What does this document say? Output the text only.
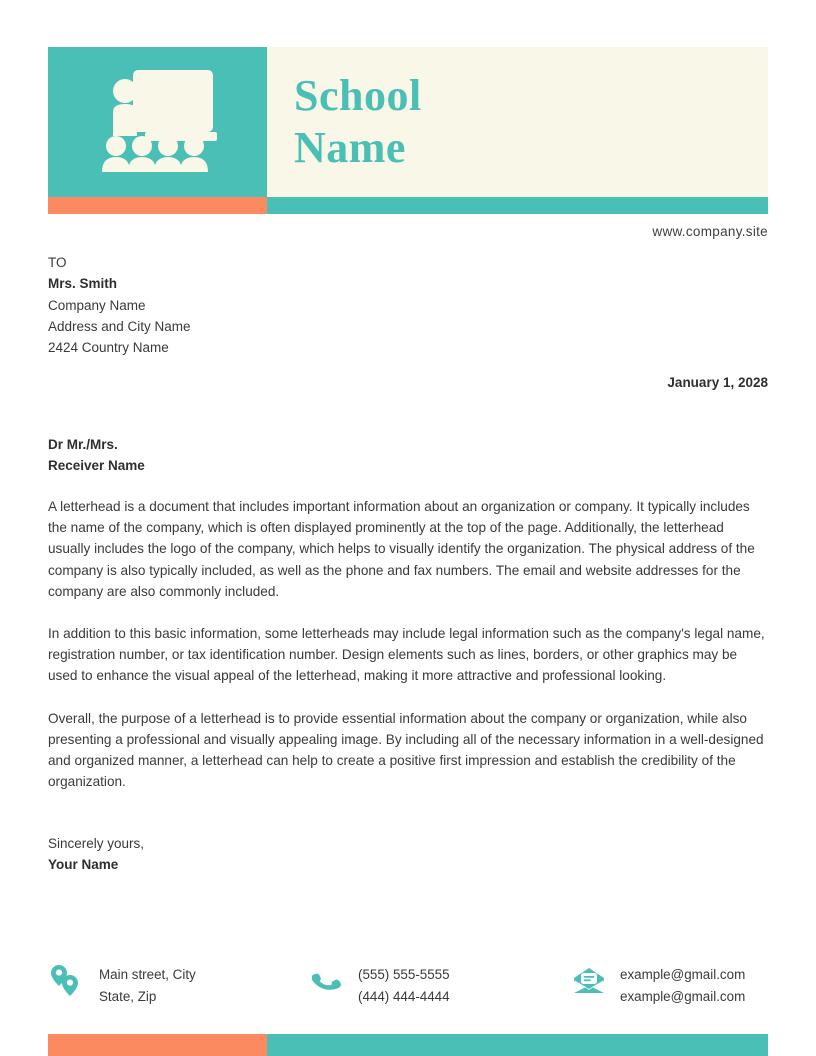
School
Name
www.company.site
TO
Mrs. Smith
Company Name
Address and City Name
2424 Country Name
January 1, 2028
Dr Mr./Mrs.
Receiver Name

A letterhead is a document that includes important information about an organization or company. It typically includes the name of the company, which is often displayed prominently at the top of the page. Additionally, the letterhead usually includes the logo of the company, which helps to visually identify the organization. The physical address of the company is also typically included, as well as the phone and fax numbers. The email and website addresses for the company are also commonly included.

In addition to this basic information, some letterheads may include legal information such as the company's legal name, registration number, or tax identification number. Design elements such as lines, borders, or other graphics may be used to enhance the visual appeal of the letterhead, making it more attractive and professional looking.

Overall, the purpose of a letterhead is to provide essential information about the company or organization, while also presenting a professional and visually appealing image. By including all of the necessary information in a well-designed and organized manner, a letterhead can help to create a positive first impression and establish the credibility of the organization.

Sincerely yours,
Your Name
Main street, City
State, Zip
(555) 555-5555
(444) 444-4444
example@gmail.com
example@gmail.com
